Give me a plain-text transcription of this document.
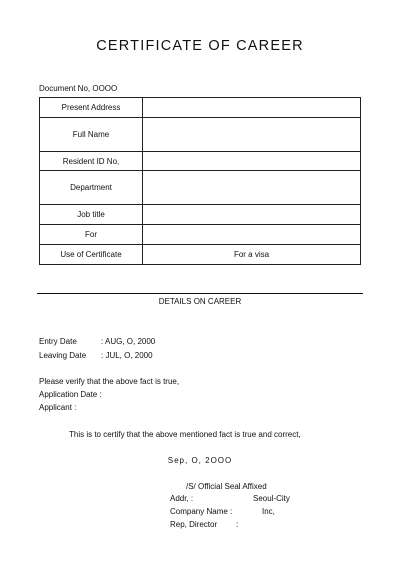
CERTIFICATE OF CAREER
Document No, OOOO
Present Address	
Full Name	
Resident ID No,	
Department	
Job title	
For	
Use of Certificate	For a visa
DETAILS ON CAREER
Entry Date	: AUG, O, 2000
Leaving Date : JUL, O, 2000
Please verify that the above fact is true,
Application Date :
Applicant :
This is to certify that the above mentioned fact is true and correct,
Sep, O, 2OOO
/S/ Official Seal Affixed
Addr, :	Seoul-City
Company Name :	Inc,
Rep, Director :
